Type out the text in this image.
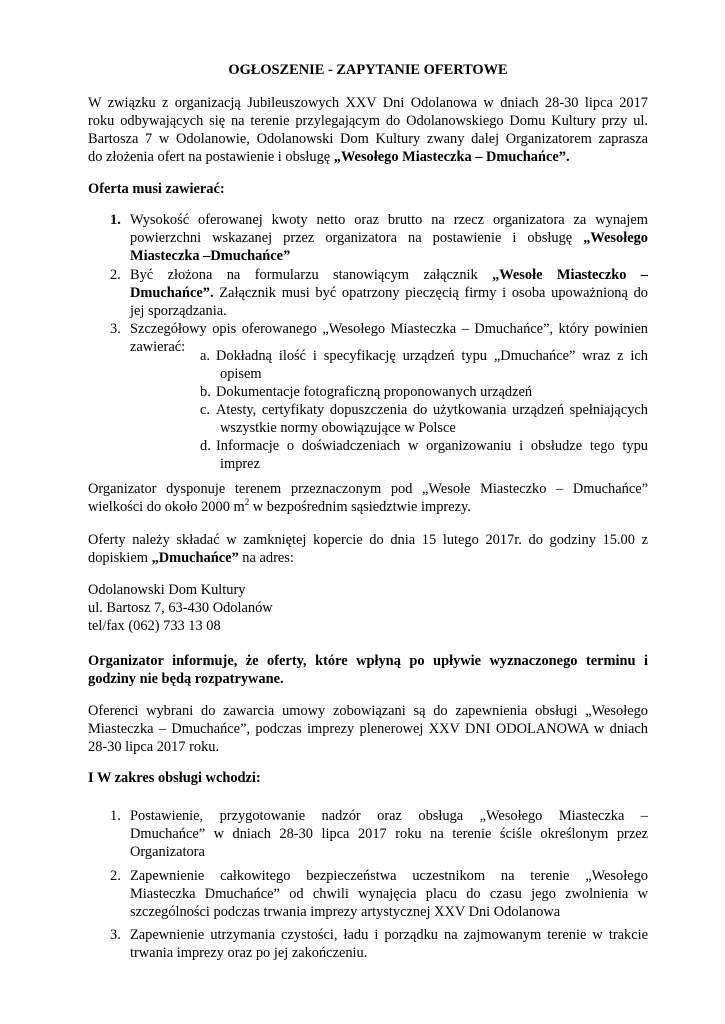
OGŁOSZENIE - ZAPYTANIE OFERTOWE
W związku z organizacją Jubileuszowych XXV Dni Odolanowa w dniach 28-30 lipca 2017
roku odbywających się na terenie przylegającym do Odolanowskiego Domu Kultury przy ul.
Bartosza 7 w Odolanowie, Odolanowski Dom Kultury zwany dalej Organizatorem zaprasza
do złożenia ofert na postawienie i obsługę „Wesołego Miasteczka – Dmuchańce”.
Oferta musi zawierać:
1. Wysokość oferowanej kwoty netto oraz brutto na rzecz organizatora za wynajem
powierzchni wskazanej przez organizatora na postawienie i obsługę „Wesołego
Miasteczka –Dmuchańce”
2. Być złożona na formularzu stanowiącym załącznik „Wesołe Miasteczko –
Dmuchańce”. Załącznik musi być opatrzony pieczęcią firmy i osoba upoważnioną do
jej sporządzania.
3. Szczegółowy opis oferowanego „Wesołego Miasteczka – Dmuchańce”, który powinien
zawierać:
a. Dokładną ilość i specyfikację urządzeń typu „Dmuchańce” wraz z ich
opisem
b. Dokumentacje fotograficzną proponowanych urządzeń
c. Atesty, certyfikaty dopuszczenia do użytkowania urządzeń spełniających
wszystkie normy obowiązujące w Polsce
d. Informacje o doświadczeniach w organizowaniu i obsłudze tego typu
imprez
Organizator dysponuje terenem przeznaczonym pod „Wesołe Miasteczko – Dmuchańce”
wielkości do około 2000 $m^2$ w bezpośrednim sąsiedztwie imprezy.
Oferty należy składać w zamkniętej kopercie do dnia 15 lutego 2017r. do godziny 15.00 z
dopiskiem „Dmuchańce” na adres:
Odolanowski Dom Kultury
ul. Bartosz 7, 63-430 Odolanów
tel/fax (062) 733 13 08
Organizator informuje, że oferty, które wpłyną po upływie wyznaczonego terminu i
godziny nie będą rozpatrywane.
Oferenci wybrani do zawarcia umowy zobowiązani są do zapewnienia obsługi „Wesołego
Miasteczka – Dmuchańce”, podczas imprezy plenerowej XXV DNI ODOLANOWA w dniach
28-30 lipca 2017 roku.
I W zakres obsługi wchodzi:
1. Postawienie, przygotowanie nadzór oraz obsługa „Wesołego Miasteczka –
Dmuchańce” w dniach 28-30 lipca 2017 roku na terenie ściśle określonym przez
Organizatora
2. Zapewnienie całkowitego bezpieczeństwa uczestnikom na terenie „Wesołego
Miasteczka Dmuchańce” od chwili wynajęcia placu do czasu jego zwolnienia w
szczególności podczas trwania imprezy artystycznej XXV Dni Odolanowa
3. Zapewnienie utrzymania czystości, ładu i porządku na zajmowanym terenie w trakcie
trwania imprezy oraz po jej zakończeniu.
